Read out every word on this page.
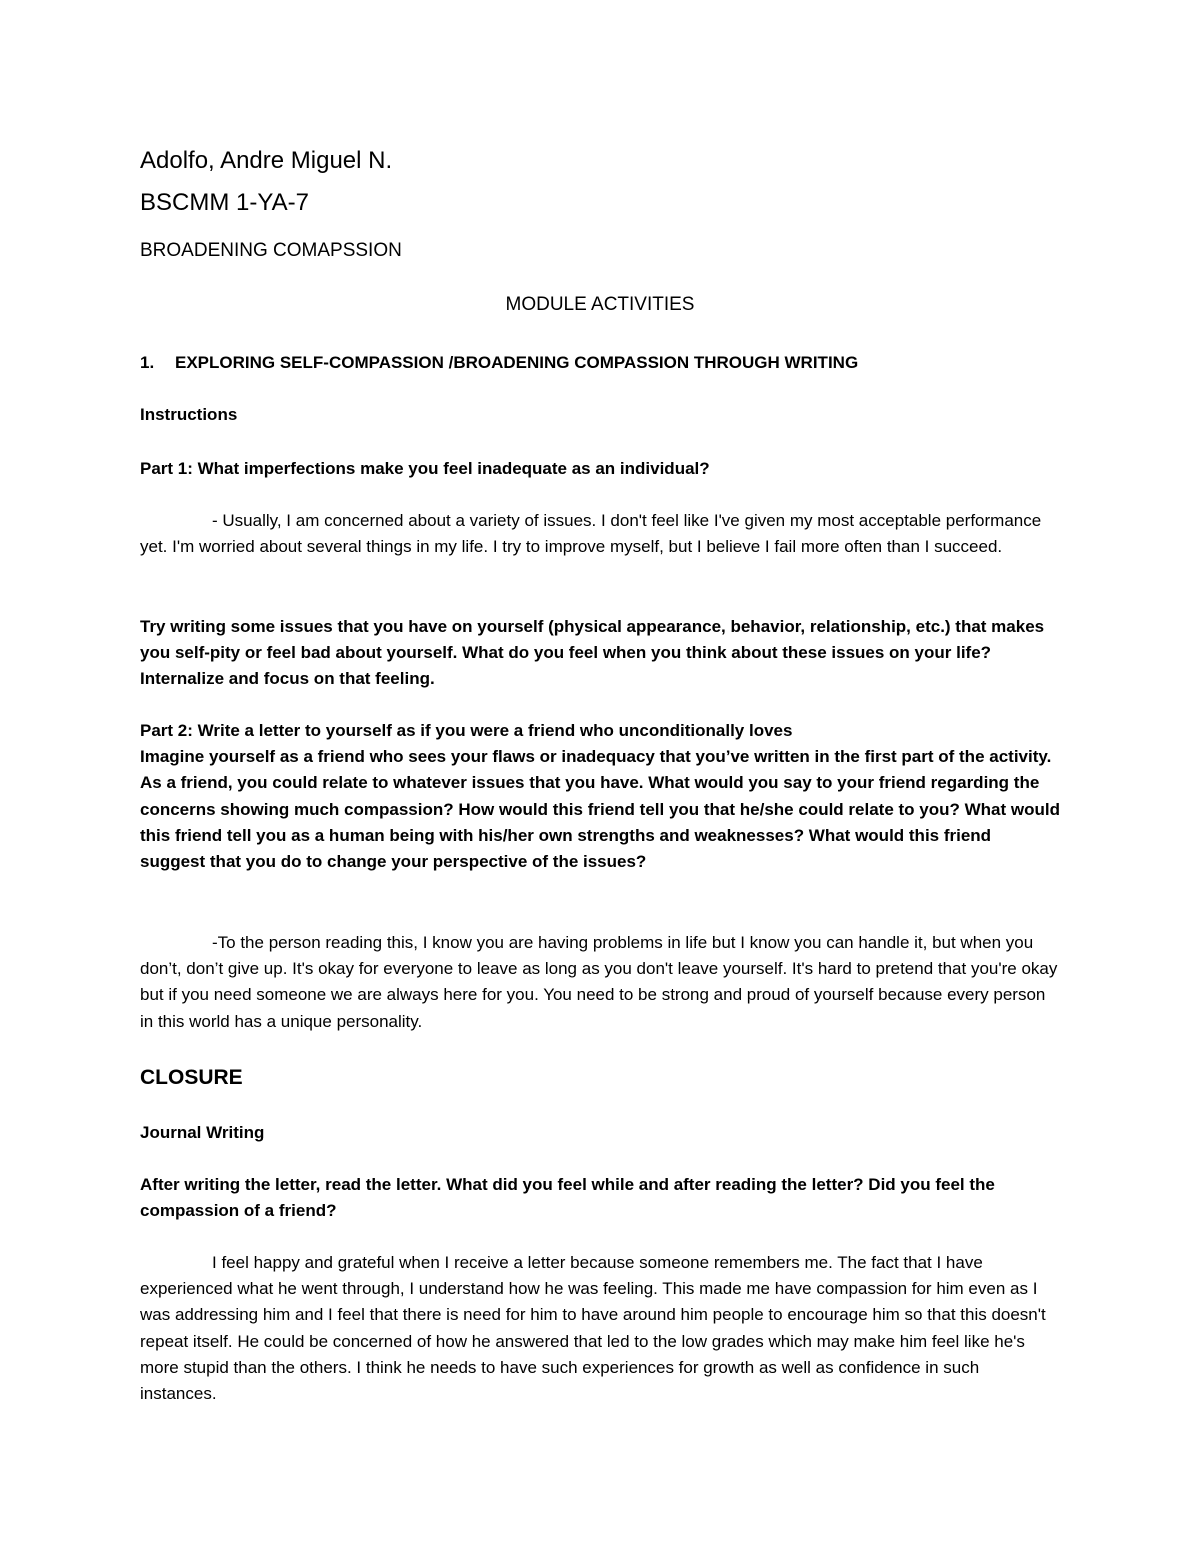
Adolfo, Andre Miguel N.

BSCMM 1-YA-7

BROADENING COMAPSSION

MODULE ACTIVITIES

1. EXPLORING SELF-COMPASSION /BROADENING COMPASSION THROUGH WRITING

Instructions

Part 1: What imperfections make you feel inadequate as an individual?

- Usually, I am concerned about a variety of issues. I don't feel like I've given my most acceptable performance yet. I'm worried about several things in my life. I try to improve myself, but I believe I fail more often than I succeed.

Try writing some issues that you have on yourself (physical appearance, behavior, relationship, etc.) that makes you self-pity or feel bad about yourself. What do you feel when you think about these issues on your life? Internalize and focus on that feeling.

Part 2: Write a letter to yourself as if you were a friend who unconditionally loves
Imagine yourself as a friend who sees your flaws or inadequacy that you’ve written in the first part of the activity. As a friend, you could relate to whatever issues that you have. What would you say to your friend regarding the concerns showing much compassion? How would this friend tell you that he/she could relate to you? What would this friend tell you as a human being with his/her own strengths and weaknesses? What would this friend suggest that you do to change your perspective of the issues?

-To the person reading this, I know you are having problems in life but I know you can handle it, but when you don’t, don’t give up. It's okay for everyone to leave as long as you don't leave yourself. It's hard to pretend that you're okay but if you need someone we are always here for you. You need to be strong and proud of yourself because every person in this world has a unique personality.

CLOSURE

Journal Writing

After writing the letter, read the letter. What did you feel while and after reading the letter? Did you feel the compassion of a friend?

I feel happy and grateful when I receive a letter because someone remembers me. The fact that I have experienced what he went through, I understand how he was feeling. This made me have compassion for him even as I was addressing him and I feel that there is need for him to have around him people to encourage him so that this doesn't repeat itself. He could be concerned of how he answered that led to the low grades which may make him feel like he's more stupid than the others. I think he needs to have such experiences for growth as well as confidence in such instances.
